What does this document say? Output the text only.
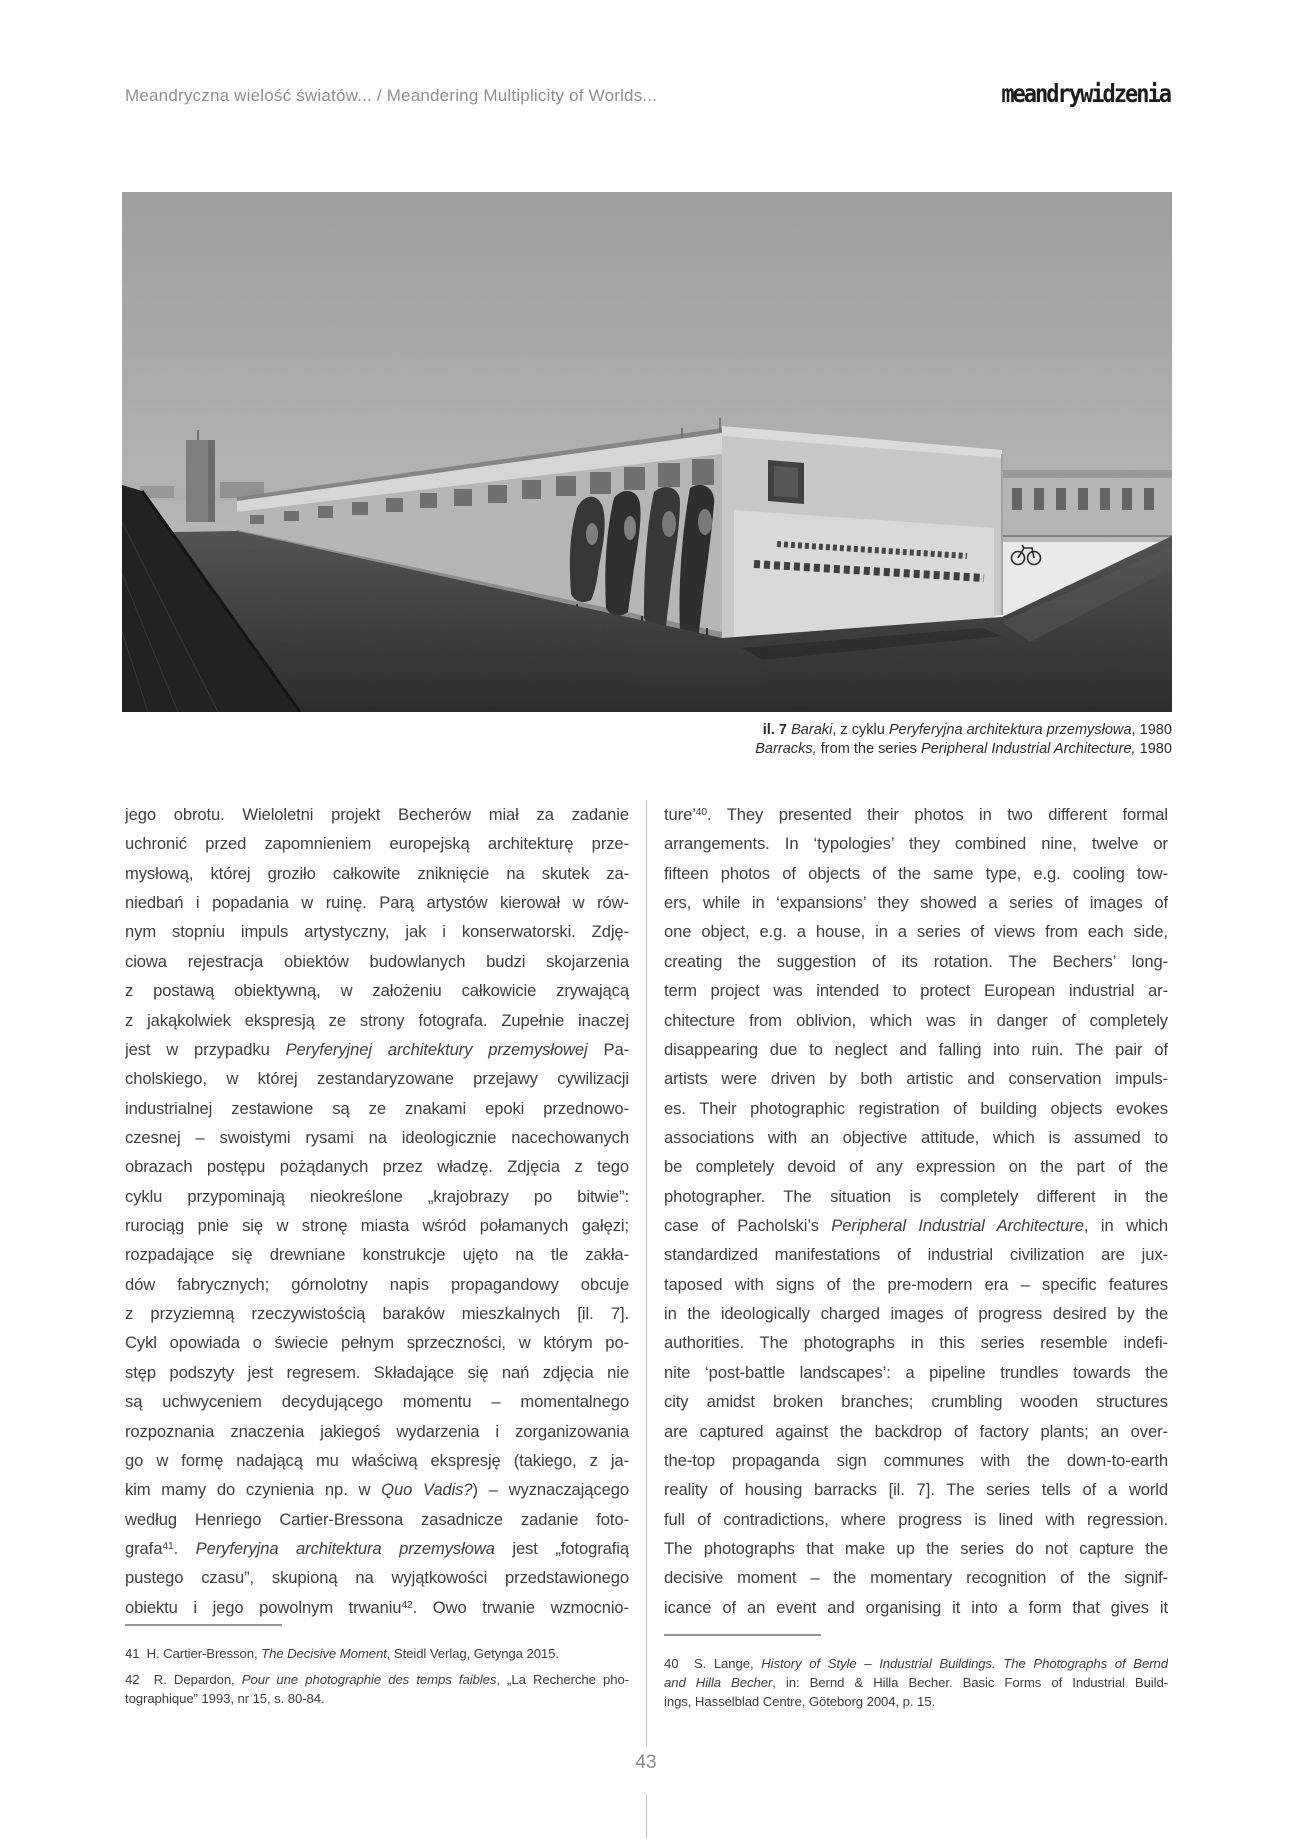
Meandryczna wielość światów... / Meandering Multiplicity of Worlds...	meandrywidzenia
il. 7 Baraki, z cyklu Peryferyjna architektura przemysłowa, 1980
Barracks, from the series Peripheral Industrial Architecture, 1980
jego obrotu. Wieloletni projekt Becherów miał za zadanie
uchronić przed zapomnieniem europejską architekturę prze-
mysłową, której groziło całkowite zniknięcie na skutek za-
niedbań i popadania w ruinę. Parą artystów kierował w rów-
nym stopniu impuls artystyczny, jak i konserwatorski. Zdję-
ciowa rejestracja obiektów budowlanych budzi skojarzenia
z postawą obiektywną, w założeniu całkowicie zrywającą
z jakąkolwiek ekspresją ze strony fotografa. Zupełnie inaczej
jest w przypadku Peryferyjnej architektury przemysłowej Pa-
cholskiego, w której zestandaryzowane przejawy cywilizacji
industrialnej zestawione są ze znakami epoki przednowo-
czesnej – swoistymi rysami na ideologicznie nacechowanych
obrazach postępu pożądanych przez władzę. Zdjęcia z tego
cyklu przypominają nieokreślone „krajobrazy po bitwie”:
rurociąg pnie się w stronę miasta wśród połamanych gałęzi;
rozpadające się drewniane konstrukcje ujęto na tle zakła-
dów fabrycznych; górnolotny napis propagandowy obcuje
z przyziemną rzeczywistością baraków mieszkalnych [il. 7].
Cykl opowiada o świecie pełnym sprzeczności, w którym po-
stęp podszyty jest regresem. Składające się nań zdjęcia nie
są uchwyceniem decydującego momentu – momentalnego
rozpoznania znaczenia jakiegoś wydarzenia i zorganizowania
go w formę nadającą mu właściwą ekspresję (takiego, z ja-
kim mamy do czynienia np. w Quo Vadis?) – wyznaczającego
według Henriego Cartier-Bressona zasadnicze zadanie foto-
grafa$^{41}$. Peryferyjna architektura przemysłowa jest „fotografią
pustego czasu”, skupioną na wyjątkowości przedstawionego
obiektu i jego powolnym trwaniu$^{42}$. Owo trwanie wzmocnio-
ture’$^{40}$. They presented their photos in two different formal
arrangements. In ‘typologies’ they combined nine, twelve or
fifteen photos of objects of the same type, e.g. cooling tow-
ers, while in ‘expansions’ they showed a series of images of
one object, e.g. a house, in a series of views from each side,
creating the suggestion of its rotation. The Bechers’ long-
term project was intended to protect European industrial ar-
chitecture from oblivion, which was in danger of completely
disappearing due to neglect and falling into ruin. The pair of
artists were driven by both artistic and conservation impuls-
es. Their photographic registration of building objects evokes
associations with an objective attitude, which is assumed to
be completely devoid of any expression on the part of the
photographer. The situation is completely different in the
case of Pacholski’s Peripheral Industrial Architecture, in which
standardized manifestations of industrial civilization are jux-
taposed with signs of the pre-modern era – specific features
in the ideologically charged images of progress desired by the
authorities. The photographs in this series resemble indefi-
nite ‘post-battle landscapes’: a pipeline trundles towards the
city amidst broken branches; crumbling wooden structures
are captured against the backdrop of factory plants; an over-
the-top propaganda sign communes with the down-to-earth
reality of housing barracks [il. 7]. The series tells of a world
full of contradictions, where progress is lined with regression.
The photographs that make up the series do not capture the
decisive moment – the momentary recognition of the signif-
icance of an event and organising it into a form that gives it
41  H. Cartier-Bresson, The Decisive Moment, Steidl Verlag, Getynga 2015.
42  R. Depardon, Pour une photographie des temps faibles, „La Recherche pho-
tographique” 1993, nr 15, s. 80-84.
40  S. Lange, History of Style – Industrial Buildings. The Photographs of Bernd
and Hilla Becher, in: Bernd & Hilla Becher. Basic Forms of Industrial Build-
ings, Hasselblad Centre, Göteborg 2004, p. 15.
43
